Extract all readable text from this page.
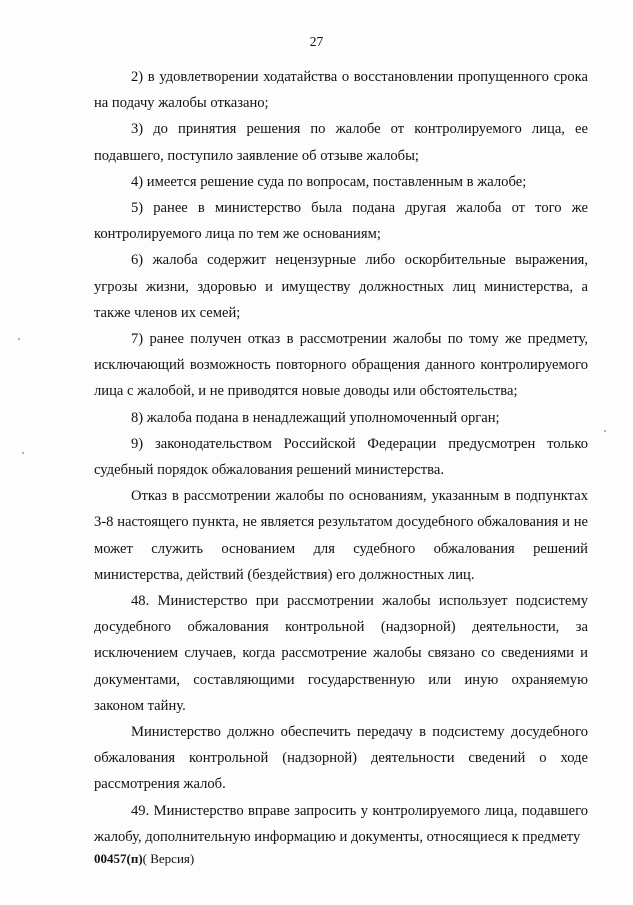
27

2) в удовлетворении ходатайства о восстановлении пропущенного срока на подачу жалобы отказано;

3) до принятия решения по жалобе от контролируемого лица, ее подавшего, поступило заявление об отзыве жалобы;

4) имеется решение суда по вопросам, поставленным в жалобе;

5) ранее в министерство была подана другая жалоба от того же контролируемого лица по тем же основаниям;

6) жалоба содержит нецензурные либо оскорбительные выражения, угрозы жизни, здоровью и имуществу должностных лиц министерства, а также членов их семей;

7) ранее получен отказ в рассмотрении жалобы по тому же предмету, исключающий возможность повторного обращения данного контролируемого лица с жалобой, и не приводятся новые доводы или обстоятельства;

8) жалоба подана в ненадлежащий уполномоченный орган;

9) законодательством Российской Федерации предусмотрен только судебный порядок обжалования решений министерства.

Отказ в рассмотрении жалобы по основаниям, указанным в подпунктах 3-8 настоящего пункта, не является результатом досудебного обжалования и не может служить основанием для судебного обжалования решений министерства, действий (бездействия) его должностных лиц.

48. Министерство при рассмотрении жалобы использует подсистему досудебного обжалования контрольной (надзорной) деятельности, за исключением случаев, когда рассмотрение жалобы связано со сведениями и документами, составляющими государственную или иную охраняемую законом тайну.

Министерство должно обеспечить передачу в подсистему досудебного обжалования контрольной (надзорной) деятельности сведений о ходе рассмотрения жалоб.

49. Министерство вправе запросить у контролируемого лица, подавшего жалобу, дополнительную информацию и документы, относящиеся к предмету

00457(п)( Версия)
